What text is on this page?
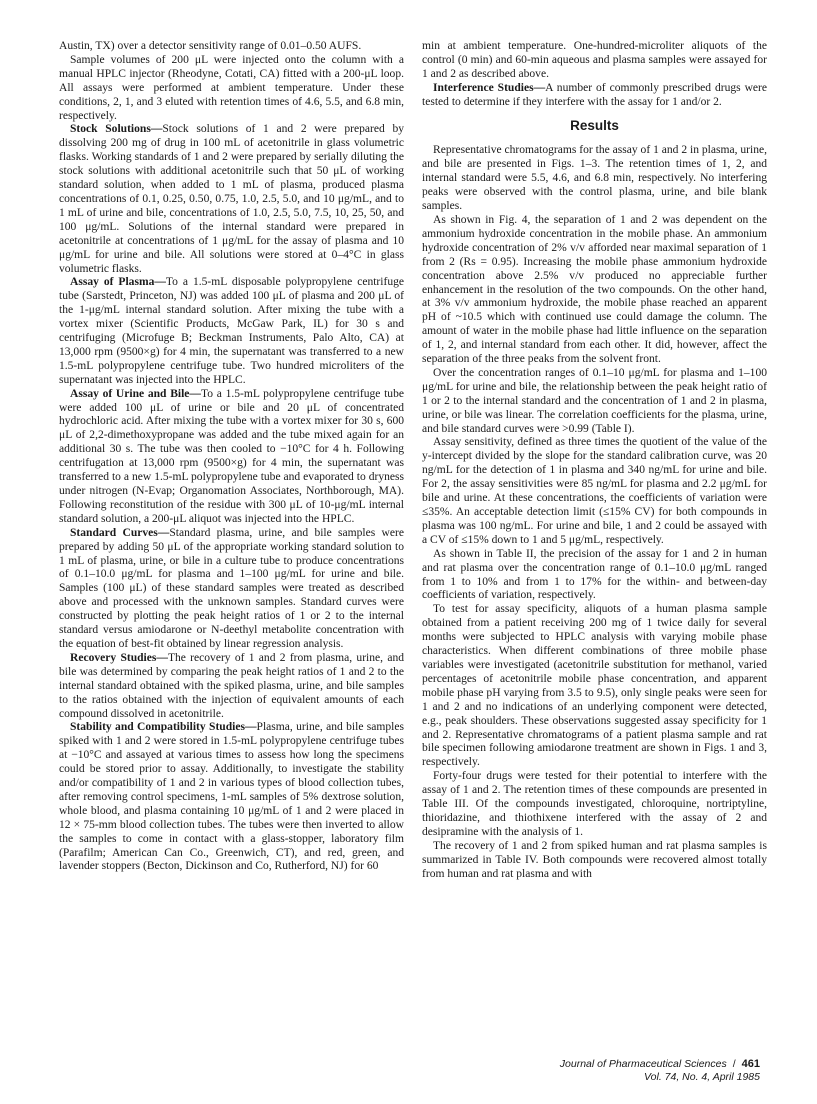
Austin, TX) over a detector sensitivity range of 0.01–0.50 AUFS.

Sample volumes of 200 μL were injected onto the column with a manual HPLC injector (Rheodyne, Cotati, CA) fitted with a 200-μL loop. All assays were performed at ambient temperature. Under these conditions, 2, 1, and 3 eluted with retention times of 4.6, 5.5, and 6.8 min, respectively.

Stock Solutions—Stock solutions of 1 and 2 were prepared by dissolving 200 mg of drug in 100 mL of acetonitrile in glass volumetric flasks. Working standards of 1 and 2 were prepared by serially diluting the stock solutions with additional acetonitrile such that 50 μL of working standard solution, when added to 1 mL of plasma, produced plasma concentrations of 0.1, 0.25, 0.50, 0.75, 1.0, 2.5, 5.0, and 10 μg/mL, and to 1 mL of urine and bile, concentrations of 1.0, 2.5, 5.0, 7.5, 10, 25, 50, and 100 μg/mL. Solutions of the internal standard were prepared in acetonitrile at concentrations of 1 μg/mL for the assay of plasma and 10 μg/mL for urine and bile. All solutions were stored at 0–4°C in glass volumetric flasks.

Assay of Plasma—To a 1.5-mL disposable polypropylene centrifuge tube (Sarstedt, Princeton, NJ) was added 100 μL of plasma and 200 μL of the 1-μg/mL internal standard solution. After mixing the tube with a vortex mixer (Scientific Products, McGaw Park, IL) for 30 s and centrifuging (Microfuge B; Beckman Instruments, Palo Alto, CA) at 13,000 rpm (9500×g) for 4 min, the supernatant was transferred to a new 1.5-mL polypropylene centrifuge tube. Two hundred microliters of the supernatant was injected into the HPLC.

Assay of Urine and Bile—To a 1.5-mL polypropylene centrifuge tube were added 100 μL of urine or bile and 20 μL of concentrated hydrochloric acid. After mixing the tube with a vortex mixer for 30 s, 600 μL of 2,2-dimethoxypropane was added and the tube mixed again for an additional 30 s. The tube was then cooled to −10°C for 4 h. Following centrifugation at 13,000 rpm (9500×g) for 4 min, the supernatant was transferred to a new 1.5-mL polypropylene tube and evaporated to dryness under nitrogen (N-Evap; Organomation Associates, Northborough, MA). Following reconstitution of the residue with 300 μL of 10-μg/mL internal standard solution, a 200-μL aliquot was injected into the HPLC.

Standard Curves—Standard plasma, urine, and bile samples were prepared by adding 50 μL of the appropriate working standard solution to 1 mL of plasma, urine, or bile in a culture tube to produce concentrations of 0.1–10.0 μg/mL for plasma and 1–100 μg/mL for urine and bile. Samples (100 μL) of these standard samples were treated as described above and processed with the unknown samples. Standard curves were constructed by plotting the peak height ratios of 1 or 2 to the internal standard versus amiodarone or N-deethyl metabolite concentration with the equation of best-fit obtained by linear regression analysis.

Recovery Studies—The recovery of 1 and 2 from plasma, urine, and bile was determined by comparing the peak height ratios of 1 and 2 to the internal standard obtained with the spiked plasma, urine, and bile samples to the ratios obtained with the injection of equivalent amounts of each compound dissolved in acetonitrile.

Stability and Compatibility Studies—Plasma, urine, and bile samples spiked with 1 and 2 were stored in 1.5-mL polypropylene centrifuge tubes at −10°C and assayed at various times to assess how long the specimens could be stored prior to assay. Additionally, to investigate the stability and/or compatibility of 1 and 2 in various types of blood collection tubes, after removing control specimens, 1-mL samples of 5% dextrose solution, whole blood, and plasma containing 10 μg/mL of 1 and 2 were placed in 12 × 75-mm blood collection tubes. The tubes were then inverted to allow the samples to come in contact with a glass-stopper, laboratory film (Parafilm; American Can Co., Greenwich, CT), and red, green, and lavender stoppers (Becton, Dickinson and Co, Rutherford, NJ) for 60

min at ambient temperature. One-hundred-microliter aliquots of the control (0 min) and 60-min aqueous and plasma samples were assayed for 1 and 2 as described above.

Interference Studies—A number of commonly prescribed drugs were tested to determine if they interfere with the assay for 1 and/or 2.

Results

Representative chromatograms for the assay of 1 and 2 in plasma, urine, and bile are presented in Figs. 1–3. The retention times of 1, 2, and internal standard were 5.5, 4.6, and 6.8 min, respectively. No interfering peaks were observed with the control plasma, urine, and bile blank samples.

As shown in Fig. 4, the separation of 1 and 2 was dependent on the ammonium hydroxide concentration in the mobile phase. An ammonium hydroxide concentration of 2% v/v afforded near maximal separation of 1 from 2 (Rs = 0.95). Increasing the mobile phase ammonium hydroxide concentration above 2.5% v/v produced no appreciable further enhancement in the resolution of the two compounds. On the other hand, at 3% v/v ammonium hydroxide, the mobile phase reached an apparent pH of ~10.5 which with continued use could damage the column. The amount of water in the mobile phase had little influence on the separation of 1, 2, and internal standard from each other. It did, however, affect the separation of the three peaks from the solvent front.

Over the concentration ranges of 0.1–10 μg/mL for plasma and 1–100 μg/mL for urine and bile, the relationship between the peak height ratio of 1 or 2 to the internal standard and the concentration of 1 and 2 in plasma, urine, or bile was linear. The correlation coefficients for the plasma, urine, and bile standard curves were >0.99 (Table I).

Assay sensitivity, defined as three times the quotient of the value of the y-intercept divided by the slope for the standard calibration curve, was 20 ng/mL for the detection of 1 in plasma and 340 ng/mL for urine and bile. For 2, the assay sensitivities were 85 ng/mL for plasma and 2.2 μg/mL for bile and urine. At these concentrations, the coefficients of variation were ≤35%. An acceptable detection limit (≤15% CV) for both compounds in plasma was 100 ng/mL. For urine and bile, 1 and 2 could be assayed with a CV of ≤15% down to 1 and 5 μg/mL, respectively.

As shown in Table II, the precision of the assay for 1 and 2 in human and rat plasma over the concentration range of 0.1–10.0 μg/mL ranged from 1 to 10% and from 1 to 17% for the within- and between-day coefficients of variation, respectively.

To test for assay specificity, aliquots of a human plasma sample obtained from a patient receiving 200 mg of 1 twice daily for several months were subjected to HPLC analysis with varying mobile phase characteristics. When different combinations of three mobile phase variables were investigated (acetonitrile substitution for methanol, varied percentages of acetonitrile mobile phase concentration, and apparent mobile phase pH varying from 3.5 to 9.5), only single peaks were seen for 1 and 2 and no indications of an underlying component were detected, e.g., peak shoulders. These observations suggested assay specificity for 1 and 2. Representative chromatograms of a patient plasma sample and rat bile specimen following amiodarone treatment are shown in Figs. 1 and 3, respectively.

Forty-four drugs were tested for their potential to interfere with the assay of 1 and 2. The retention times of these compounds are presented in Table III. Of the compounds investigated, chloroquine, nortriptyline, thioridazine, and thiothixene interfered with the assay of 2 and desipramine with the analysis of 1.

The recovery of 1 and 2 from spiked human and rat plasma samples is summarized in Table IV. Both compounds were recovered almost totally from human and rat plasma and with

Journal of Pharmaceutical Sciences / 461
Vol. 74, No. 4, April 1985
